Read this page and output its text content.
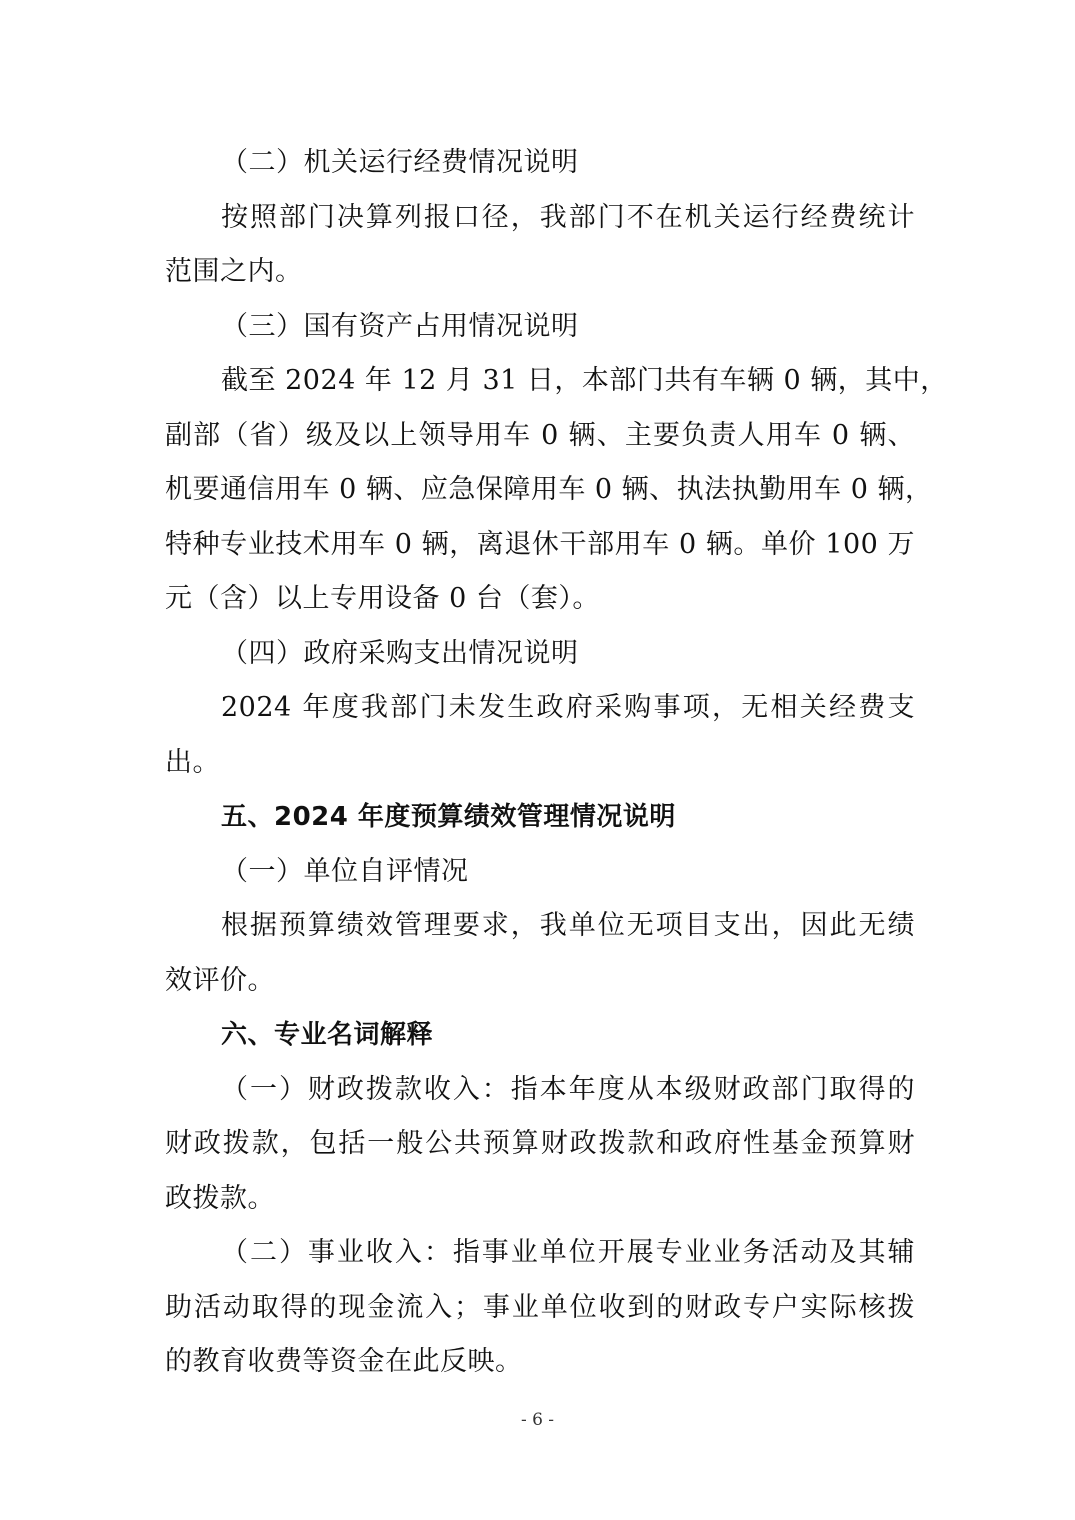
（二）机关运行经费情况说明
按照部门决算列报口径，我部门不在机关运行经费统计
范围之内。
（三）国有资产占用情况说明
截至 2024 年 12 月 31 日，本部门共有车辆 0 辆，其中，
副部（省）级及以上领导用车 0 辆、主要负责人用车 0 辆、
机要通信用车 0 辆、应急保障用车 0 辆、执法执勤用车 0 辆，
特种专业技术用车 0 辆，离退休干部用车 0 辆。单价 100 万
元（含）以上专用设备 0 台（套）。
（四）政府采购支出情况说明
2024 年度我部门未发生政府采购事项，无相关经费支
出。
五、2024 年度预算绩效管理情况说明
（一）单位自评情况
根据预算绩效管理要求，我单位无项目支出，因此无绩
效评价。
六、专业名词解释
（一）财政拨款收入：指本年度从本级财政部门取得的
财政拨款，包括一般公共预算财政拨款和政府性基金预算财
政拨款。
（二）事业收入：指事业单位开展专业业务活动及其辅
助活动取得的现金流入；事业单位收到的财政专户实际核拨
的教育收费等资金在此反映。
- 6 -
